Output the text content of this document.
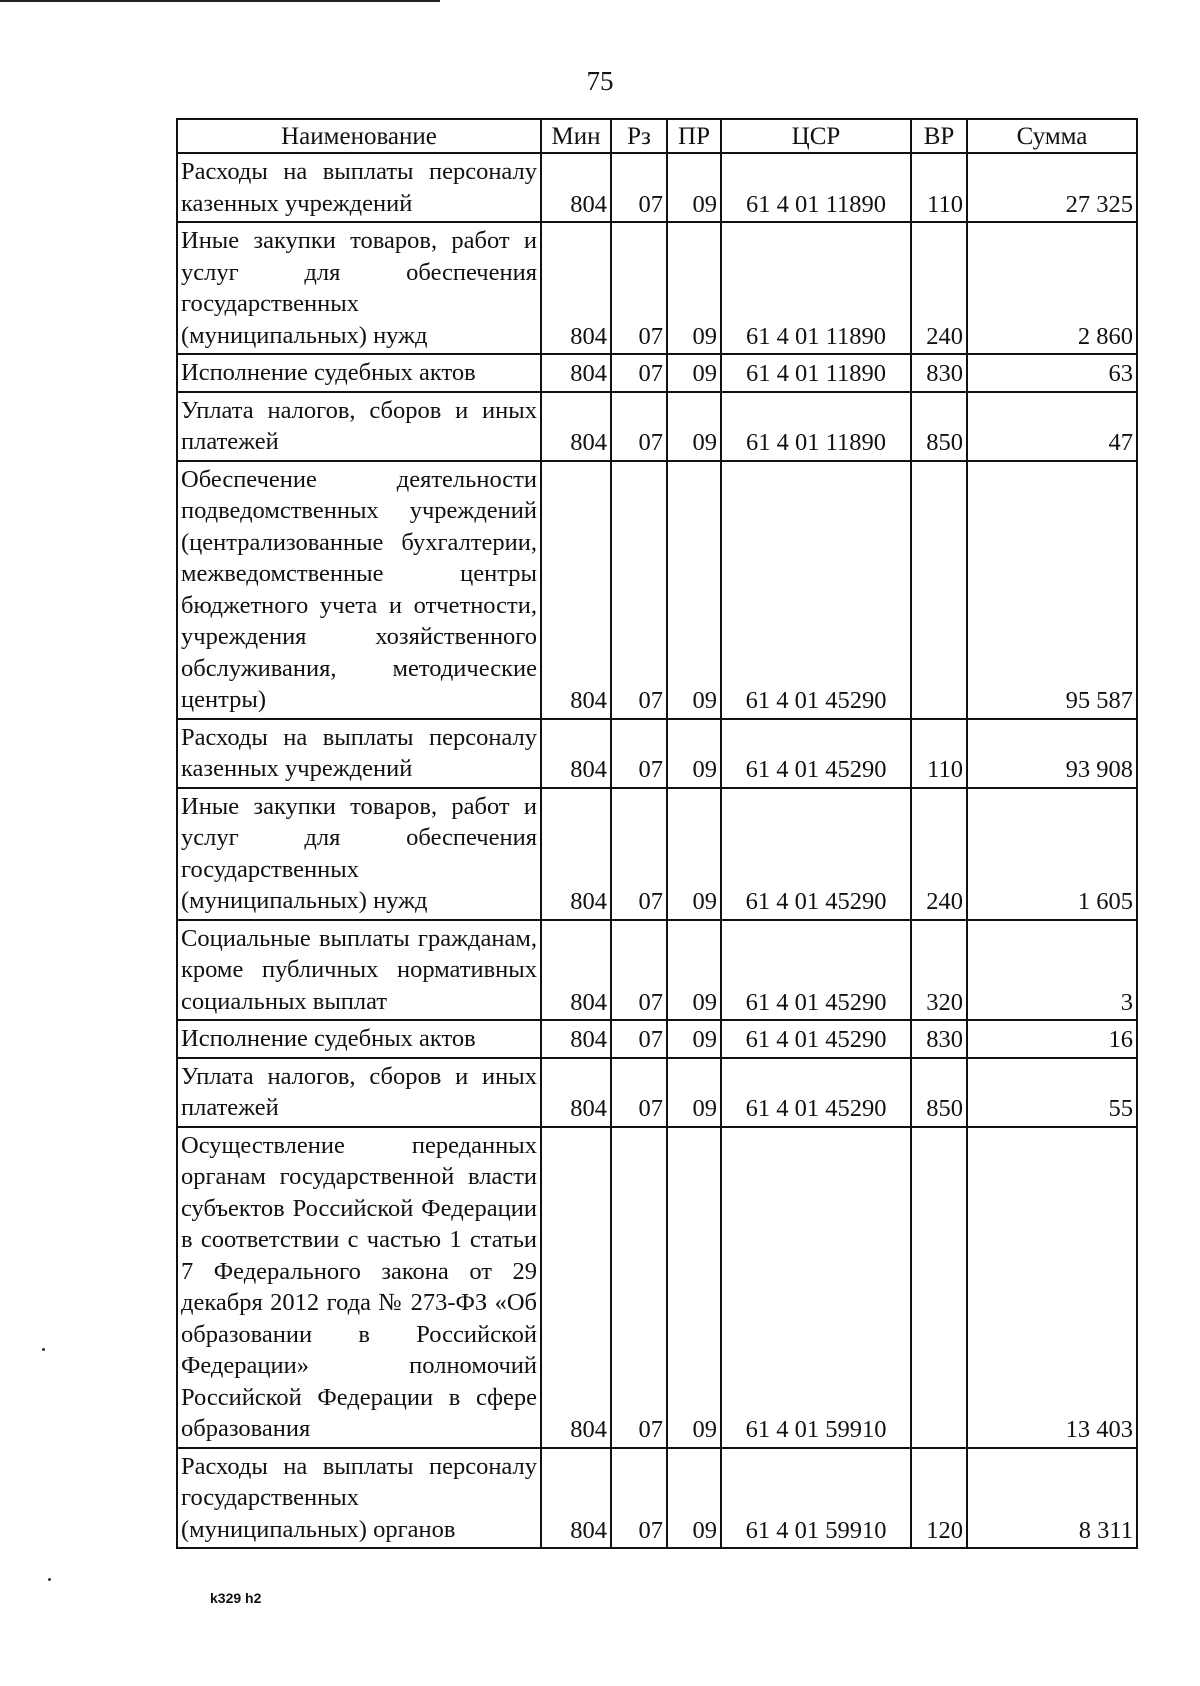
75
Наименование	Мин	Рз	ПР	ЦСР	ВР	Сумма
Расходы на выплаты персоналу казенных учреждений	804	07	09	61 4 01 11890	110	27 325
Иные закупки товаров, работ и услуг для обеспечения государственных (муниципальных) нужд	804	07	09	61 4 01 11890	240	2 860
Исполнение судебных актов	804	07	09	61 4 01 11890	830	63
Уплата налогов, сборов и иных платежей	804	07	09	61 4 01 11890	850	47
Обеспечение деятельности подведомственных учреждений (централизованные бухгалтерии, межведомственные центры бюджетного учета и отчетности, учреждения хозяйственного обслуживания, методические центры)	804	07	09	61 4 01 45290		95 587
Расходы на выплаты персоналу казенных учреждений	804	07	09	61 4 01 45290	110	93 908
Иные закупки товаров, работ и услуг для обеспечения государственных (муниципальных) нужд	804	07	09	61 4 01 45290	240	1 605
Социальные выплаты гражданам, кроме публичных нормативных социальных выплат	804	07	09	61 4 01 45290	320	3
Исполнение судебных актов	804	07	09	61 4 01 45290	830	16
Уплата налогов, сборов и иных платежей	804	07	09	61 4 01 45290	850	55
Осуществление переданных органам государственной власти субъектов Российской Федерации в соответствии с частью 1 статьи 7 Федерального закона от 29 декабря 2012 года № 273-ФЗ «Об образовании в Российской Федерации» полномочий Российской Федерации в сфере образования	804	07	09	61 4 01 59910		13 403
Расходы на выплаты персоналу государственных (муниципальных) органов	804	07	09	61 4 01 59910	120	8 311
k329 h2
